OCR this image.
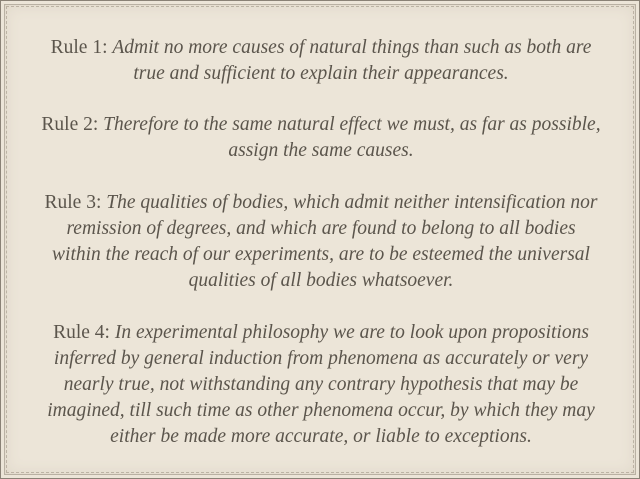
Rule 1: Admit no more causes of natural things than such as both are true and sufficient to explain their appearances.

Rule 2: Therefore to the same natural effect we must, as far as possible, assign the same causes.

Rule 3: The qualities of bodies, which admit neither intensification nor remission of degrees, and which are found to belong to all bodies within the reach of our experiments, are to be esteemed the universal qualities of all bodies whatsoever.

Rule 4: In experimental philosophy we are to look upon propositions inferred by general induction from phenomena as accurately or very nearly true, not withstanding any contrary hypothesis that may be imagined, till such time as other phenomena occur, by which they may either be made more accurate, or liable to exceptions.
